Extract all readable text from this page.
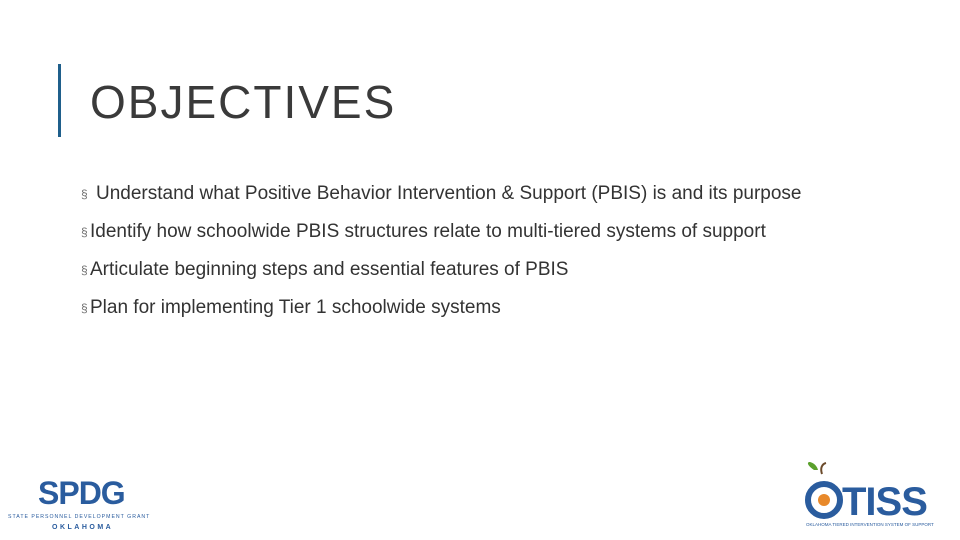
OBJECTIVES
§ Understand what Positive Behavior Intervention & Support (PBIS) is and its purpose
§ Identify how schoolwide PBIS structures relate to multi-tiered systems of support
§ Articulate beginning steps and essential features of PBIS
§ Plan for implementing Tier 1 schoolwide systems
SPDG
STATE PERSONNEL DEVELOPMENT GRANT
OKLAHOMA
TISS
OKLAHOMA TIERED INTERVENTION SYSTEM OF SUPPORT
